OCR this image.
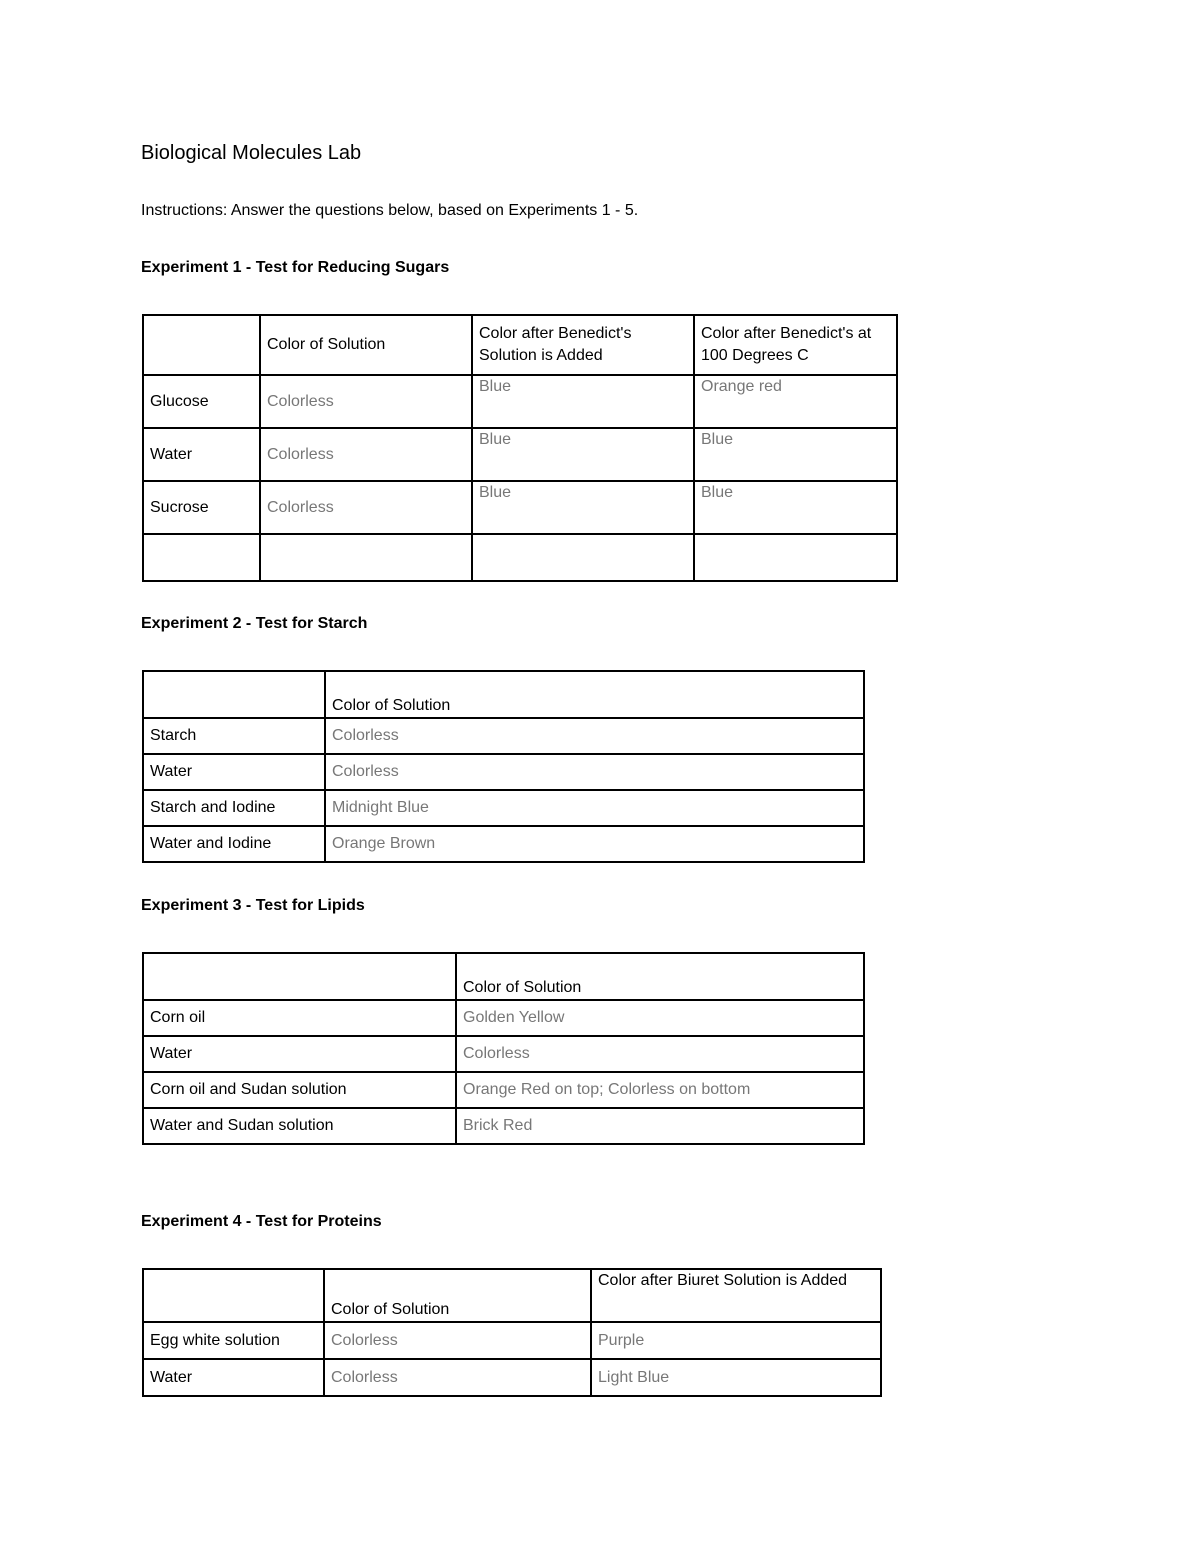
Biological Molecules Lab
Instructions: Answer the questions below, based on Experiments 1 - 5.
Experiment 1 - Test for Reducing Sugars
	Color of Solution	Color after Benedict's Solution is Added	Color after Benedict's at 100 Degrees C
Glucose	Colorless	Blue	Orange red
Water	Colorless	Blue	Blue
Sucrose	Colorless	Blue	Blue

Experiment 2 - Test for Starch
	Color of Solution
Starch	Colorless
Water	Colorless
Starch and Iodine	Midnight Blue
Water and Iodine	Orange Brown
Experiment 3 - Test for Lipids
	Color of Solution
Corn oil	Golden Yellow
Water	Colorless
Corn oil and Sudan solution	Orange Red on top; Colorless on bottom
Water and Sudan solution	Brick Red
Experiment 4 - Test for Proteins
	Color of Solution	Color after Biuret Solution is Added
Egg white solution	Colorless	Purple
Water	Colorless	Light Blue
